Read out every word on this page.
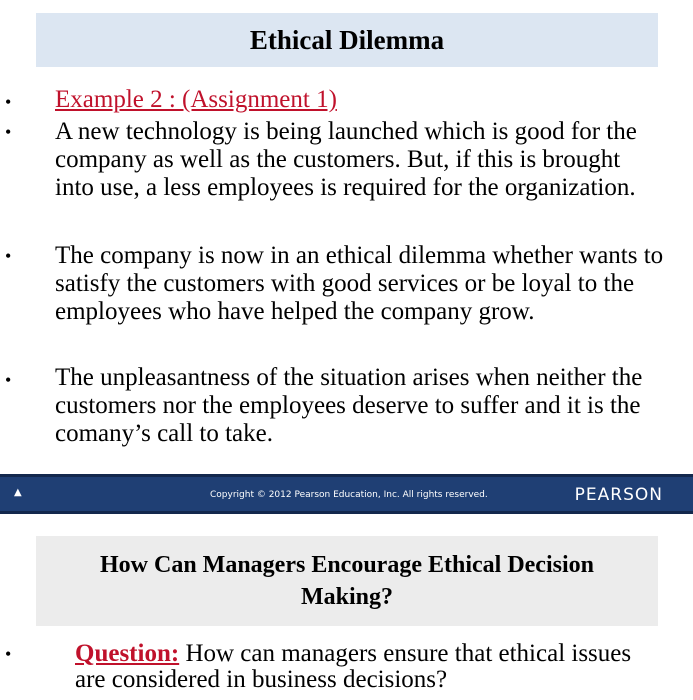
Ethical Dilemma
• Example 2 : (Assignment 1)
• A new technology is being launched which is good for the company as well as the customers. But, if this is brought into use, a less employees is required for the organization.
• The company is now in an ethical dilemma whether wants to satisfy the customers with good services or be loyal to the employees who have helped the company grow.
• The unpleasantness of the situation arises when neither the customers nor the employees deserve to suffer and it is the comany’s call to take.
▲	Copyright © 2012 Pearson Education, Inc. All rights reserved.	PEARSON
How Can Managers Encourage Ethical Decision Making?
•	Question: How can managers ensure that ethical issues are considered in business decisions?
